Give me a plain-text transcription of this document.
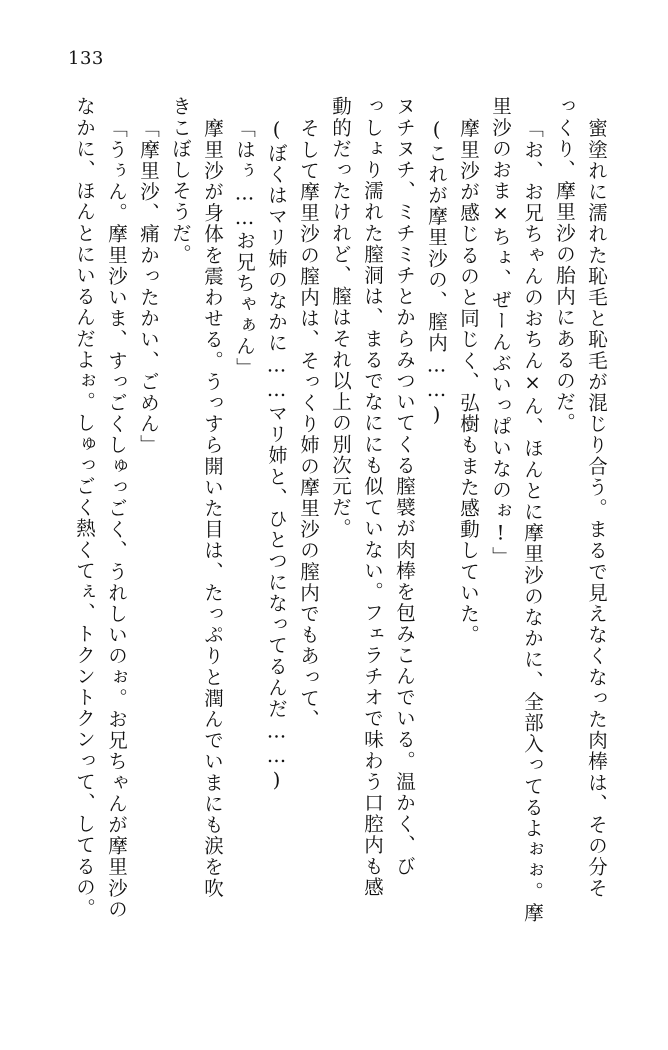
133
蜜塗れに濡れた恥毛と恥毛が混じり合う。まるで見えなくなった肉棒は、その分そ
っくり、摩里沙の胎内にあるのだ。
「お、お兄ちゃんのおちん×ん、ほんとに摩里沙のなかに、全部入ってるよぉぉ。摩
里沙のおま×ちょ、ぜーんぶいっぱいなのぉ!」
摩里沙が感じるのと同じく、弘樹もまた感動していた。
(これが摩里沙の、膣内……)
ヌチヌチ、ミチミチとからみついてくる膣襞が肉棒を包みこんでいる。温かく、び
っしょり濡れた膣洞は、まるでなににも似ていない。フェラチオで味わう口腔内も感
動的だったけれど、膣はそれ以上の別次元だ。
そして摩里沙の膣内は、そっくり姉の摩里沙の膣内でもあって、
(ぼくはマリ姉のなかに……マリ姉と、ひとつになってるんだ……)
「はぅ……お兄ちゃぁん」
摩里沙が身体を震わせる。うっすら開いた目は、たっぷりと潤んでいまにも涙を吹
きこぼしそうだ。
「摩里沙、痛かったかい、ごめん」
「うぅん。摩里沙いま、すっごくしゅっごく、うれしいのぉ。お兄ちゃんが摩里沙の
なかに、ほんとにいるんだよぉ。しゅっごく熱くてぇ、トクントクンって、してるの。
